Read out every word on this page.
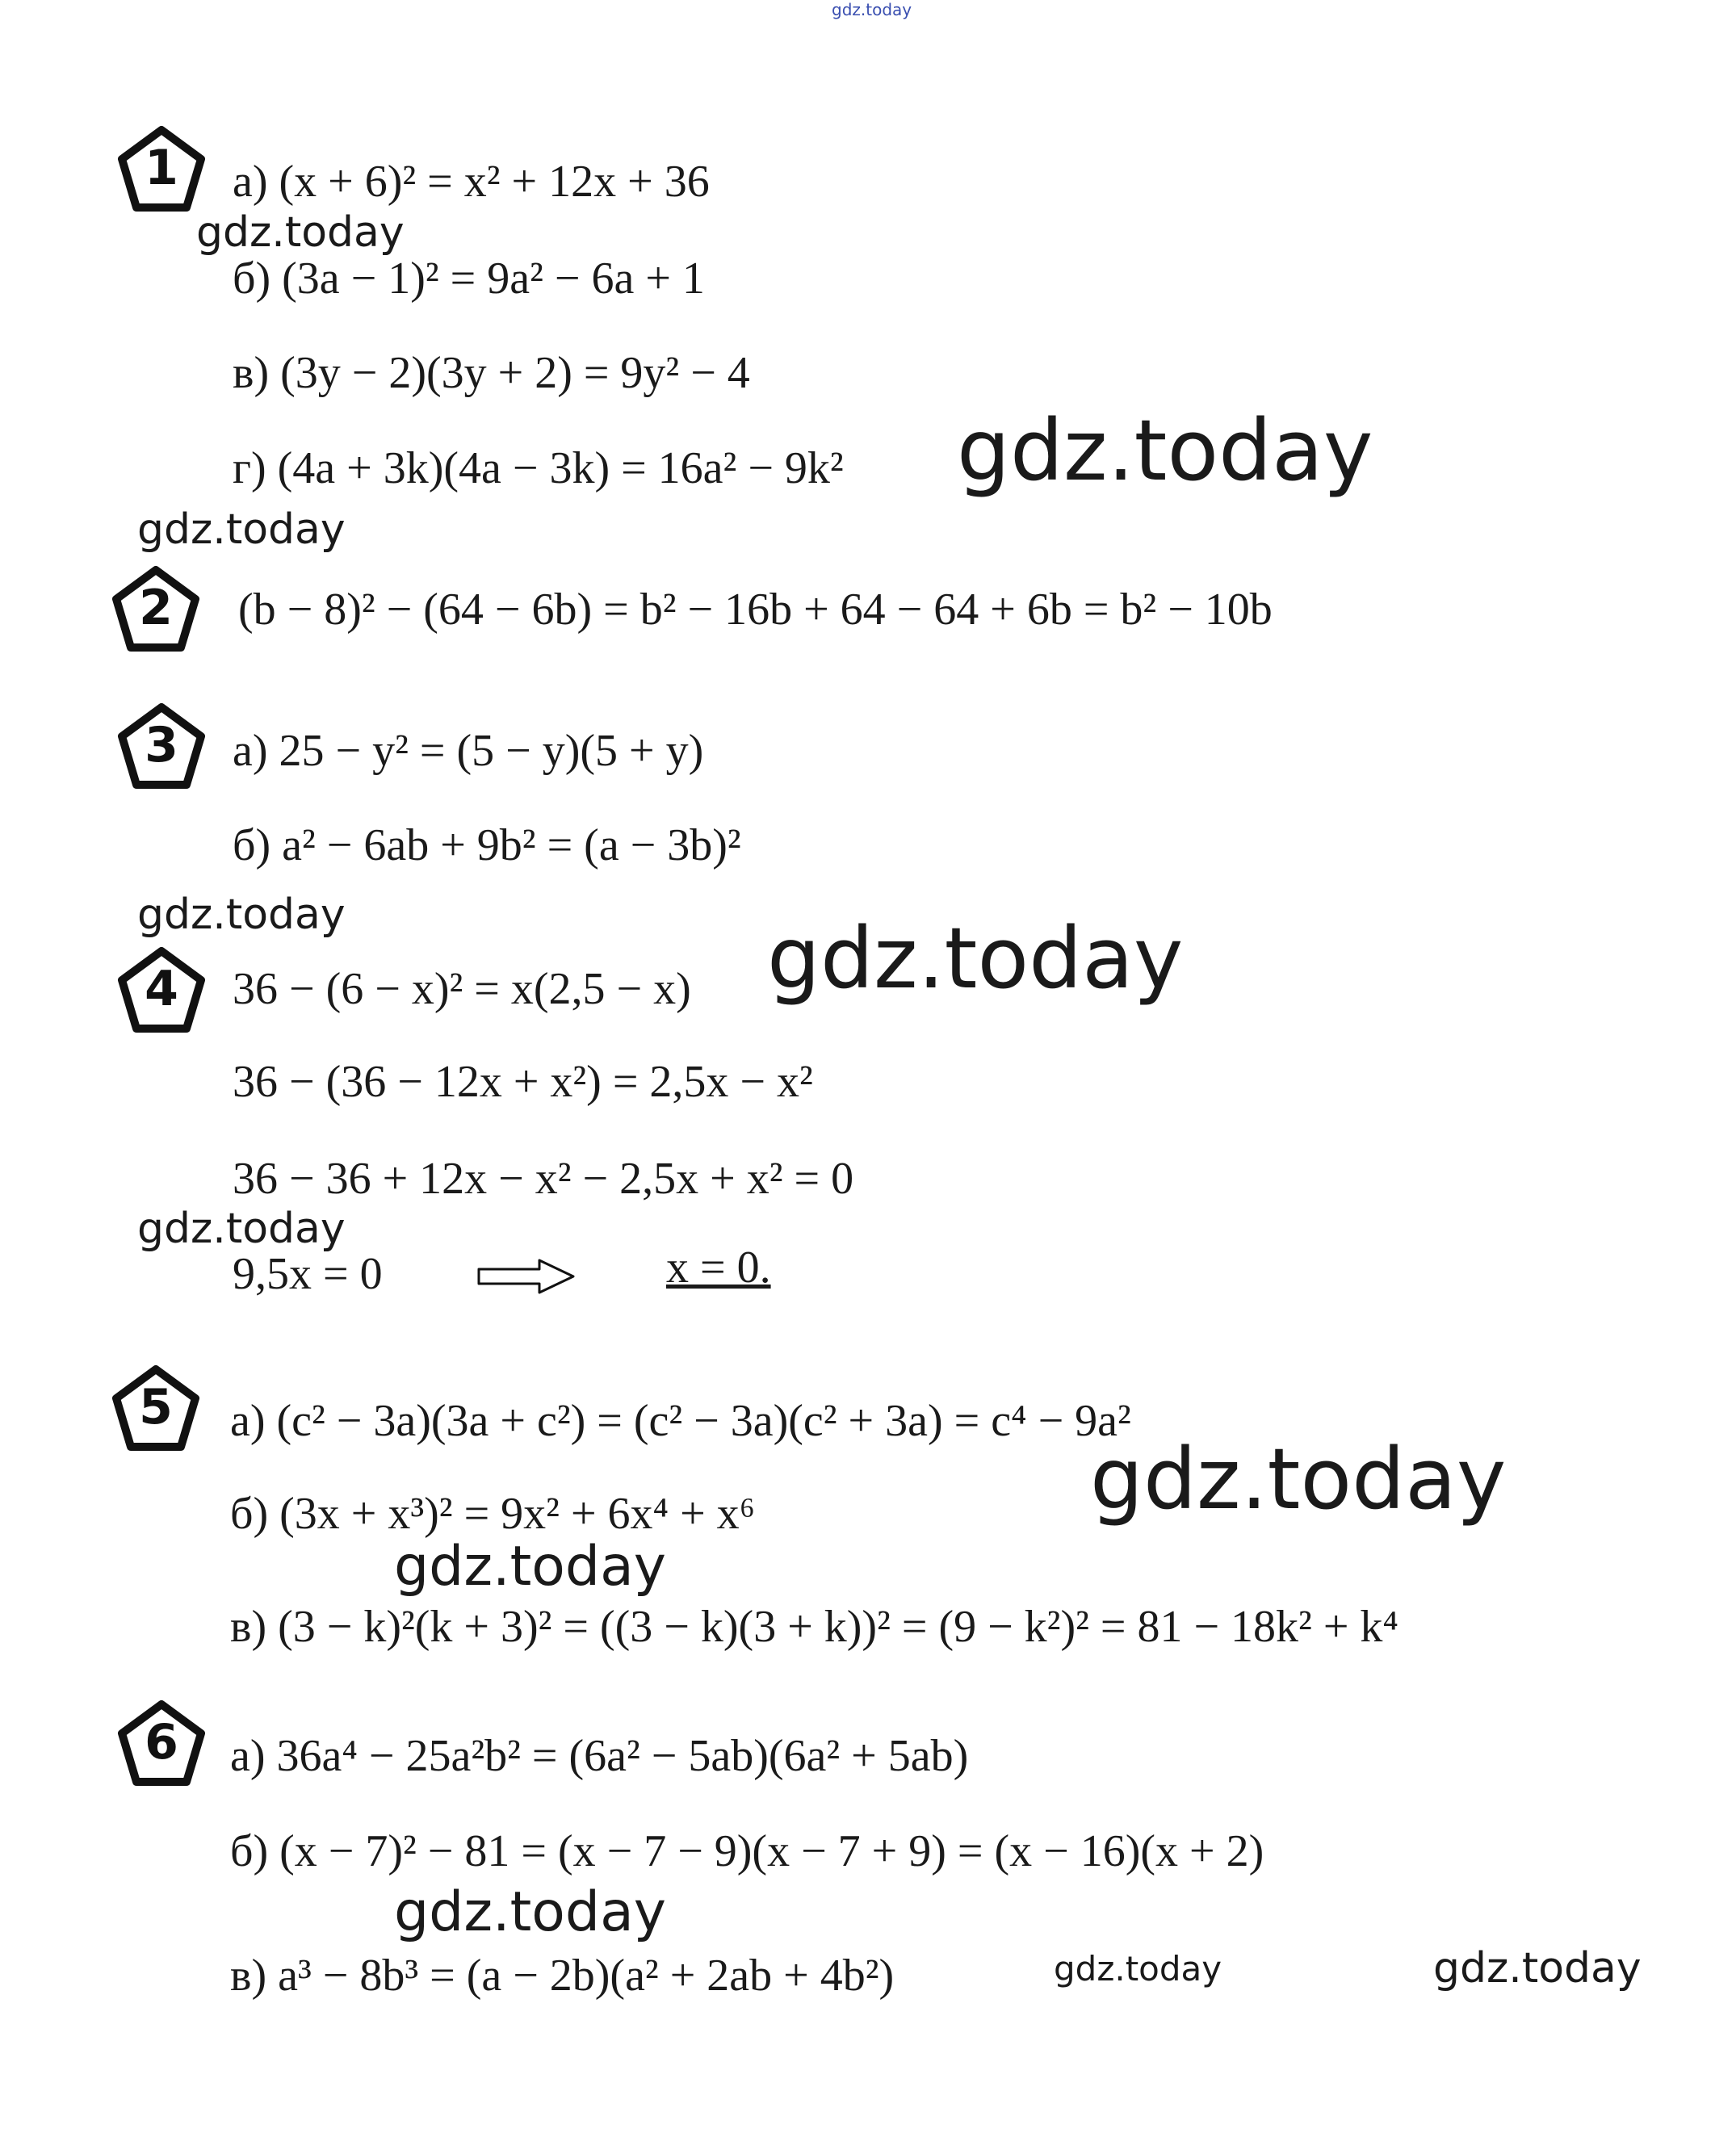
gdz.today
gdz.today
gdz.today
gdz.today
gdz.today	gdz.today
gdz.today
gdz.today
gdz.today
gdz.today
gdz.today	gdz.today
1	а) (x + 6)² = x² + 12x + 36
б) (3a − 1)² = 9a² − 6a + 1
в) (3y − 2)(3y + 2) = 9y² − 4
г) (4a + 3k)(4a − 3k) = 16a² − 9k²
2	(b − 8)² − (64 − 6b) = b² − 16b + 64 − 64 + 6b = b² − 10b
3	а) 25 − y² = (5 − y)(5 + y)
б) a² − 6ab + 9b² = (a − 3b)²
4	36 − (6 − x)² = x(2,5 − x)
36 − (36 − 12x + x²) = 2,5x − x²
36 − 36 + 12x − x² − 2,5x + x² = 0
9,5x = 0	x = 0.
5	а) (c² − 3a)(3a + c²) = (c² − 3a)(c² + 3a) = c⁴ − 9a²
б) (3x + x³)² = 9x² + 6x⁴ + x⁶
в) (3 − k)²(k + 3)² = ((3 − k)(3 + k))² = (9 − k²)² = 81 − 18k² + k⁴
6	а) 36a⁴ − 25a²b² = (6a² − 5ab)(6a² + 5ab)
б) (x − 7)² − 81 = (x − 7 − 9)(x − 7 + 9) = (x − 16)(x + 2)
в) a³ − 8b³ = (a − 2b)(a² + 2ab + 4b²)
